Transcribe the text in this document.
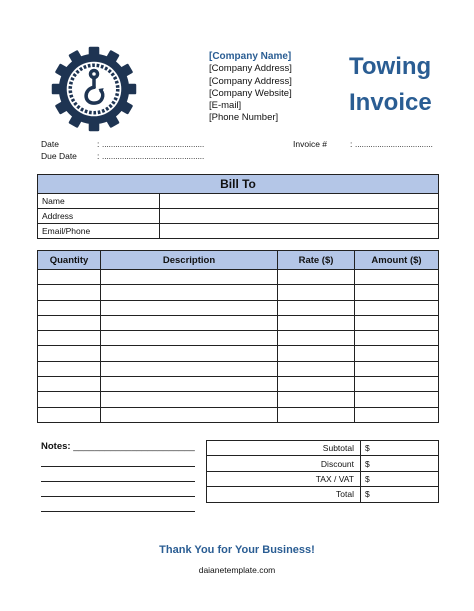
[Company Name]
[Company Address]
[Company Address]
[Company Website]
[E-mail]
[Phone Number]
Towing
Invoice
Date	: ..............................................
Due Date : ..............................................
Invoice #	: ...................................
Bill To	
Name	
Address	
Email/Phone	
Quantity	Description	Rate ($)	Amount ($)

Notes: _______________________	Subtotal	$
Discount	$
TAX / VAT	$
Total	$
Thank You for Your Business!
daianetemplate.com
